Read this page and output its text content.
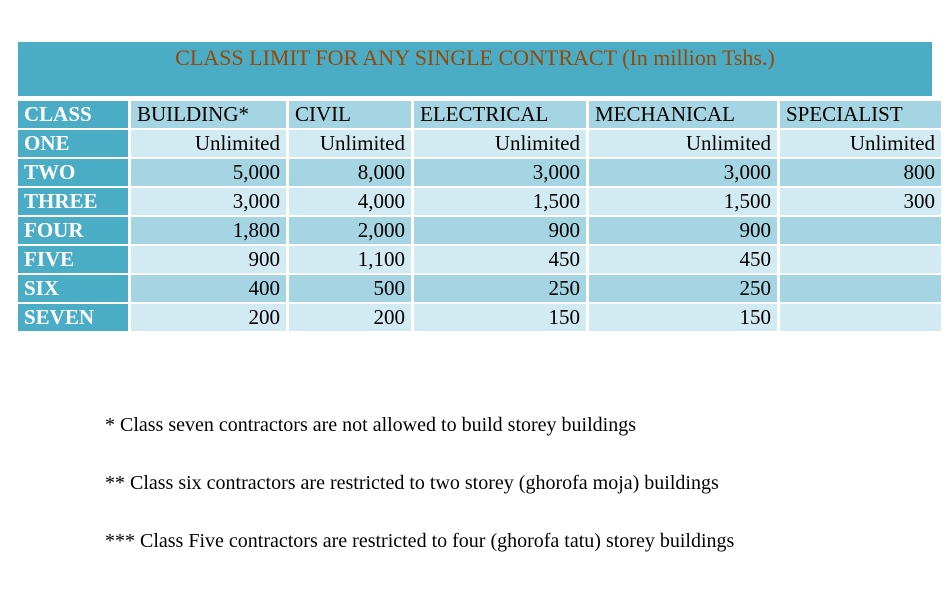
CLASS LIMIT FOR ANY SINGLE CONTRACT (In million Tshs.)
CLASS	BUILDING*	CIVIL	ELECTRICAL	MECHANICAL	SPECIALIST
ONE	Unlimited	Unlimited	Unlimited	Unlimited	Unlimited
TWO	5,000	8,000	3,000	3,000	800
THREE	3,000	4,000	1,500	1,500	300
FOUR	1,800	2,000	900	900	
FIVE	900	1,100	450	450	
SIX	400	500	250	250	
SEVEN	200	200	150	150	

* Class seven contractors are not allowed to build storey buildings

** Class six contractors are restricted to two storey (ghorofa moja) buildings

*** Class Five contractors are restricted to four (ghorofa tatu) storey buildings
